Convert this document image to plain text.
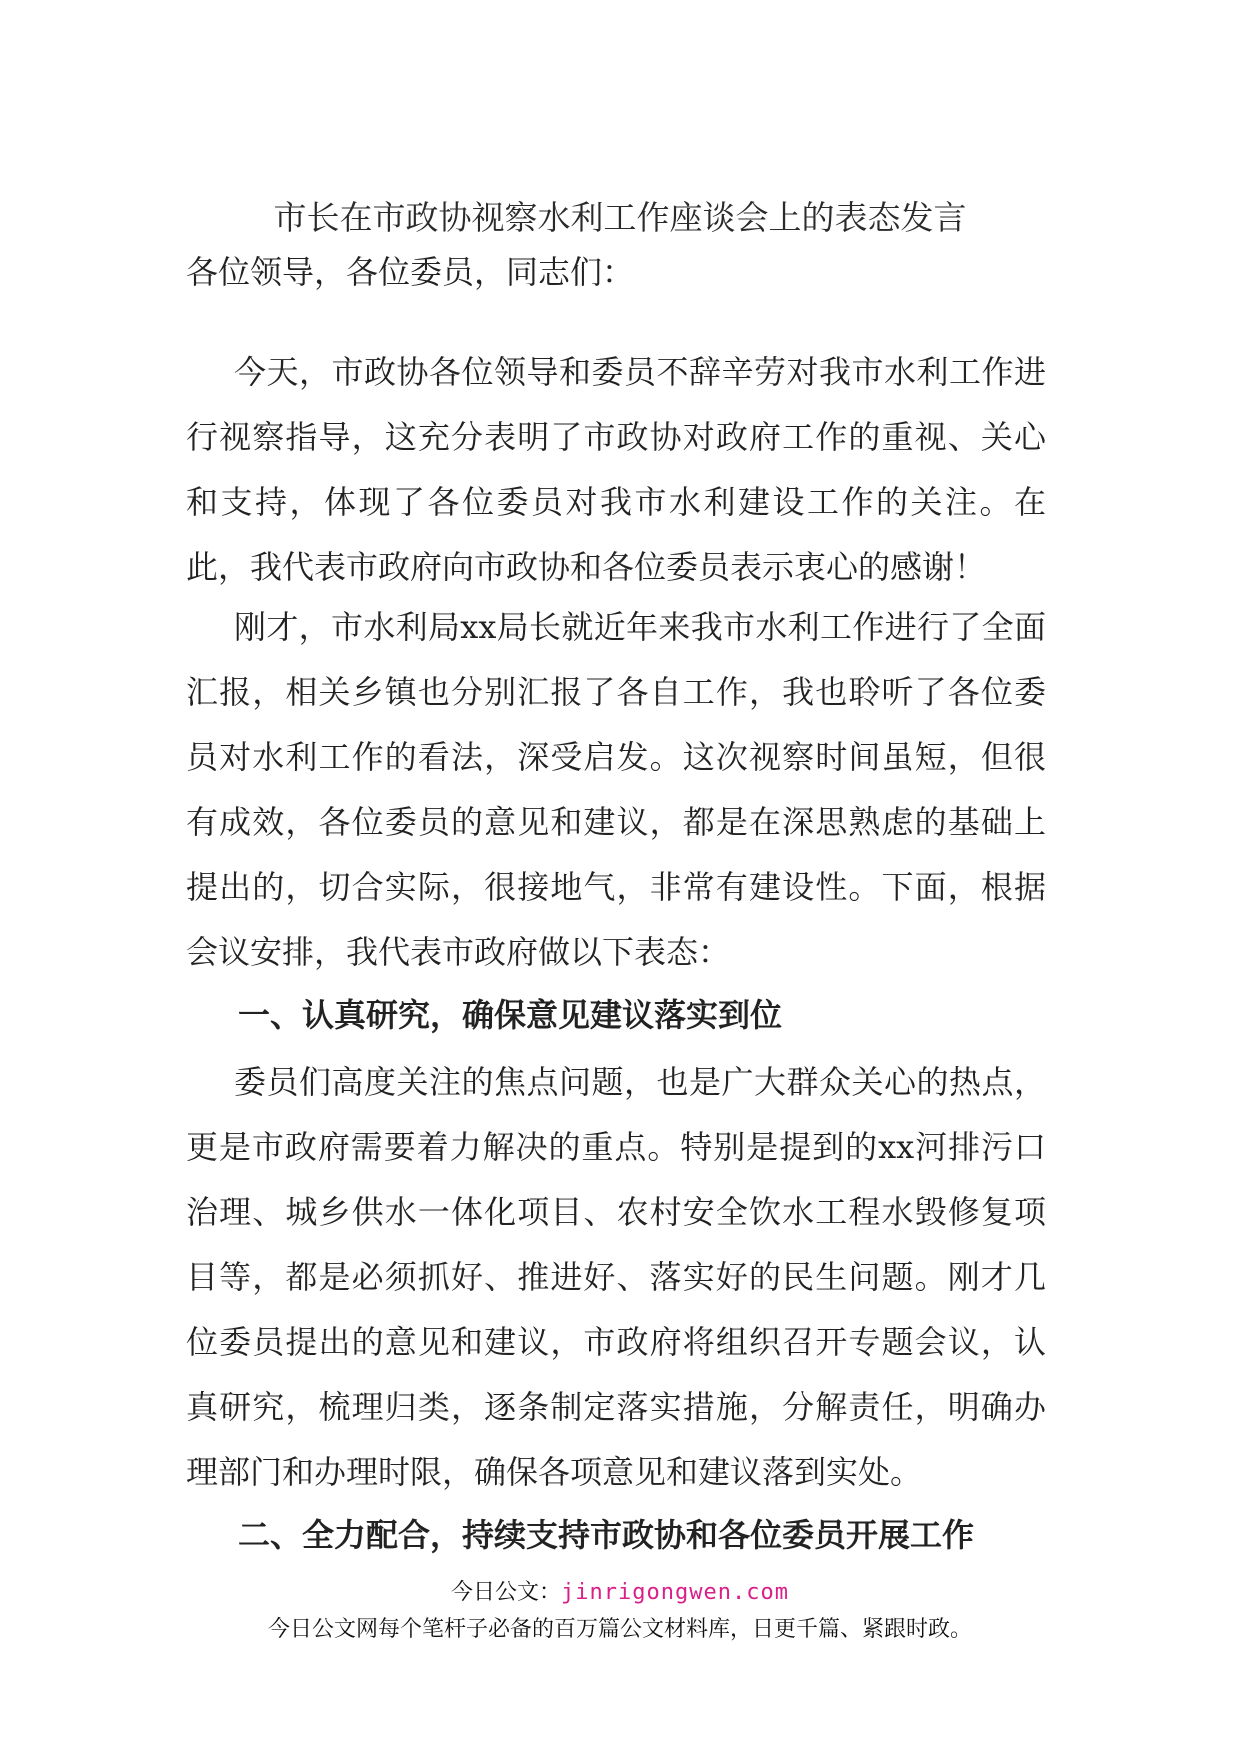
市长在市政协视察水利工作座谈会上的表态发言
各位领导，各位委员，同志们：

今天，市政协各位领导和委员不辞辛劳对我市水利工作进行视察指导，这充分表明了市政协对政府工作的重视、关心和支持，体现了各位委员对我市水利建设工作的关注。在此，我代表市政府向市政协和各位委员表示衷心的感谢！

刚才，市水利局xx局长就近年来我市水利工作进行了全面汇报，相关乡镇也分别汇报了各自工作，我也聆听了各位委员对水利工作的看法，深受启发。这次视察时间虽短，但很有成效，各位委员的意见和建议，都是在深思熟虑的基础上提出的，切合实际，很接地气，非常有建设性。下面，根据会议安排，我代表市政府做以下表态：

一、认真研究，确保意见建议落实到位

委员们高度关注的焦点问题，也是广大群众关心的热点，更是市政府需要着力解决的重点。特别是提到的xx河排污口治理、城乡供水一体化项目、农村安全饮水工程水毁修复项目等，都是必须抓好、推进好、落实好的民生问题。刚才几位委员提出的意见和建议，市政府将组织召开专题会议，认真研究，梳理归类，逐条制定落实措施，分解责任，明确办理部门和办理时限，确保各项意见和建议落到实处。

二、全力配合，持续支持市政协和各位委员开展工作
今日公文：jinrigongwen.com
今日公文网每个笔杆子必备的百万篇公文材料库，日更千篇、紧跟时政。
